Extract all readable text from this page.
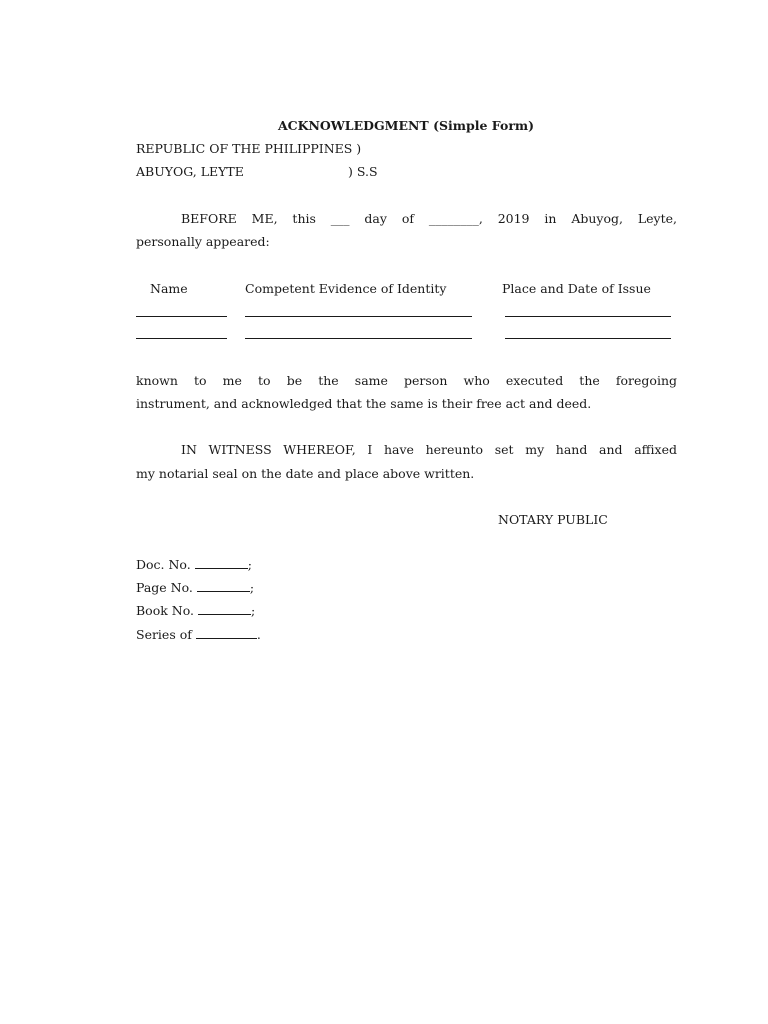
ACKNOWLEDGMENT (Simple Form)
REPUBLIC OF THE PHILIPPINES )
ABUYOG, LEYTE	) S.S
BEFORE ME, this ___ day of ________, 2019 in Abuyog, Leyte,
personally appeared:
Name	Competent Evidence of Identity	Place and Date of Issue
known to me to be the same person who executed the foregoing
instrument, and acknowledged that the same is their free act and deed.
IN WITNESS WHEREOF, I have hereunto set my hand and affixed
my notarial seal on the date and place above written.
NOTARY PUBLIC
Doc. No.	;
Page No.	;
Book No.	;
Series of	.
